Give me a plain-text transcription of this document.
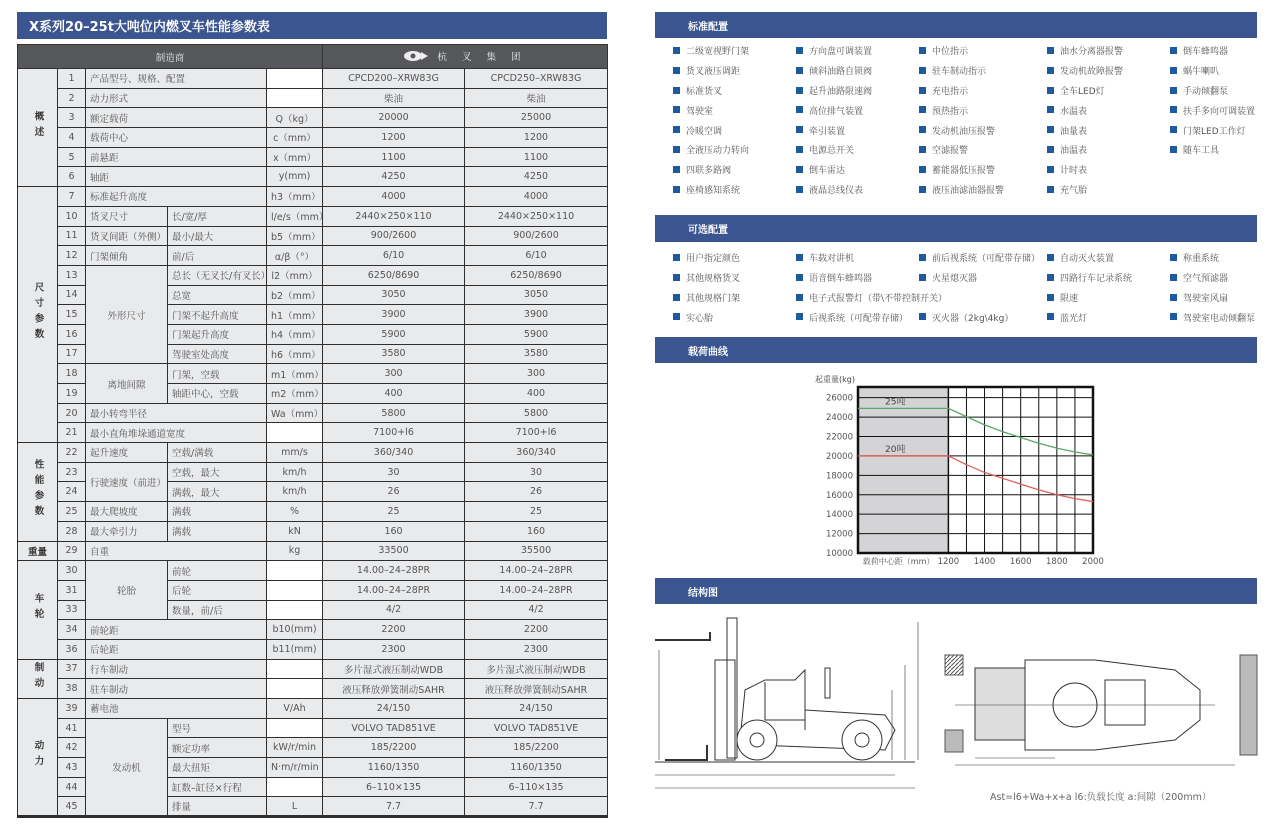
X系列20–25t大吨位内燃叉车性能参数表
制造商					杭 叉 集 团	

概述	1	产品型号、规格、配置			CPCD200–XRW83G	CPCD250–XRW83G
	2	动力形式			柴油	柴油
	3	额定载荷		Q（kg）	20000	25000
	4	载荷中心		c（mm）	1200	1200
	5	前悬距		x（mm）	1100	1100
	6	轴距		y(mm)	4250	4250
尺寸参数	7	标准起升高度		h3（mm）	4000	4000
	10	货叉尺寸	长/宽/厚	l/e/s（mm）	2440×250×110	2440×250×110
	11	货叉间距（外侧）	最小/最大	b5（mm）	900/2600	900/2600
	12	门架倾角	前/后	α/β（°）	6/10	6/10
	13	外形尺寸	总长（无叉长/有叉长）	l2（mm）	6250/8690	6250/8690
	14		总宽	b2（mm）	3050	3050
	15		门架不起升高度	h1（mm）	3900	3900
	16		门架起升高度	h4（mm）	5900	5900
	17		驾驶室处高度	h6（mm）	3580	3580
	18	离地间隙	门架，空载	m1（mm）	300	300
	19		轴距中心，空载	m2（mm）	400	400
	20	最小转弯半径		Wa（mm）	5800	5800
	21	最小直角堆垛通道宽度			7100+l6	7100+l6
性能参数	22	起升速度	空载/满载	mm/s	360/340	360/340
	23	行驶速度（前进）	空载，最大	km/h	30	30
	24		满载，最大	km/h	26	26
	25	最大爬坡度	满载	%	25	25
	28	最大牵引力	满载	kN	160	160
重量	29	自重		kg	33500	35500
车轮	30	轮胎	前轮		14.00–24–28PR	14.00–24–28PR
	31		后轮		14.00–24–28PR	14.00–24–28PR
	33		数量，前/后		4/2	4/2
	34	前轮距		b10(mm)	2200	2200
	36	后轮距		b11(mm)	2300	2300
制动	37	行车制动			多片湿式液压制动WDB	多片湿式液压制动WDB
	38	驻车制动			液压释放弹簧制动SAHR	液压释放弹簧制动SAHR
动力	39	蓄电池		V/Ah	24/150	24/150
	41	发动机	型号		VOLVO TAD851VE	VOLVO TAD851VE
	42		额定功率	kW/r/min	185/2200	185/2200
	43		最大扭矩	N·m/r/min	1160/1350	1160/1350
	44		缸数–缸径×行程		6–110×135	6–110×135
	45		排量	L	7.7	7.7
标准配置
二级宽视野门架	方向盘可调装置	中位指示	油水分离器报警	倒车蜂鸣器
货叉液压调距	倾斜油路自锁阀	驻车制动指示	发动机故障报警	蜗牛喇叭
标准货叉	起升油路限速阀	充电指示	全车LED灯	手动倾翻泵
驾驶室	高位排气装置	预热指示	水温表	扶手多向可调装置
冷暖空调	牵引装置	发动机油压报警	油量表	门架LED工作灯
全液压动力转向	电源总开关	空滤报警	油温表	随车工具
四联多路阀	倒车雷达	蓄能器低压报警	计时表
座椅感知系统	液晶总线仪表	液压油滤油器报警	充气胎
可选配置
用户指定颜色	车载对讲机	前后视系统（可配带存储）	自动灭火装置	称重系统
其他规格货叉	语音倒车蜂鸣器	火星熄灭器	四路行车记录系统	空气预滤器
其他规格门架	电子式报警灯（带\不带控制开关）	限速	驾驶室风扇
实心胎	后视系统（可配带存储）	灭火器（2kg\4kg）	蓝光灯	驾驶室电动倾翻泵
载荷曲线
10000
12000
14000
16000
18000
20000
22000
24000
26000
1200 1400 1600 1800 2000
载荷中心距（mm）
起重量(kg)
25吨
20吨
结构图
Ast=l6+Wa+x+a l6:负载长度 a:间隙（200mm）
